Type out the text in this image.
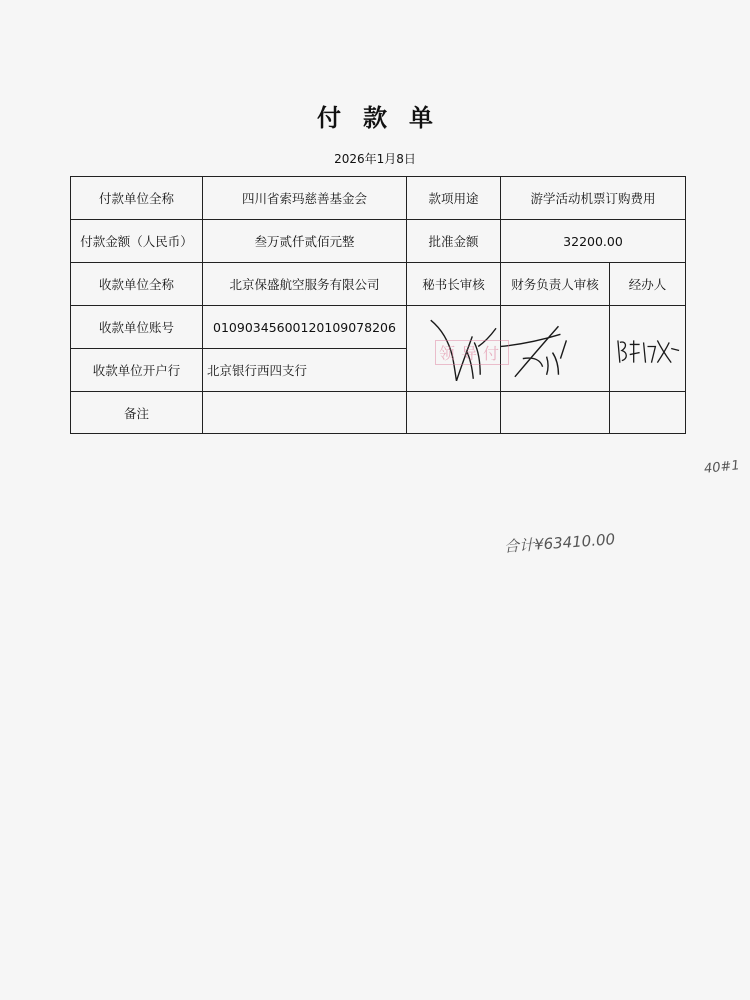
付款单
2026年1月8日
付款单位全称	四川省索玛慈善基金会	款项用途	游学活动机票订购费用	
付款金额（人民币）	叁万贰仟贰佰元整	批准金额	32200.00	
收款单位全称	北京保盛航空服务有限公司	秘书长审核	财务负责人审核	经办人
收款单位账号	0109034560012010907820​6		领导付

收款单位开户行	北京银行西四支行			
备注				
40#1
合计¥63410.00
